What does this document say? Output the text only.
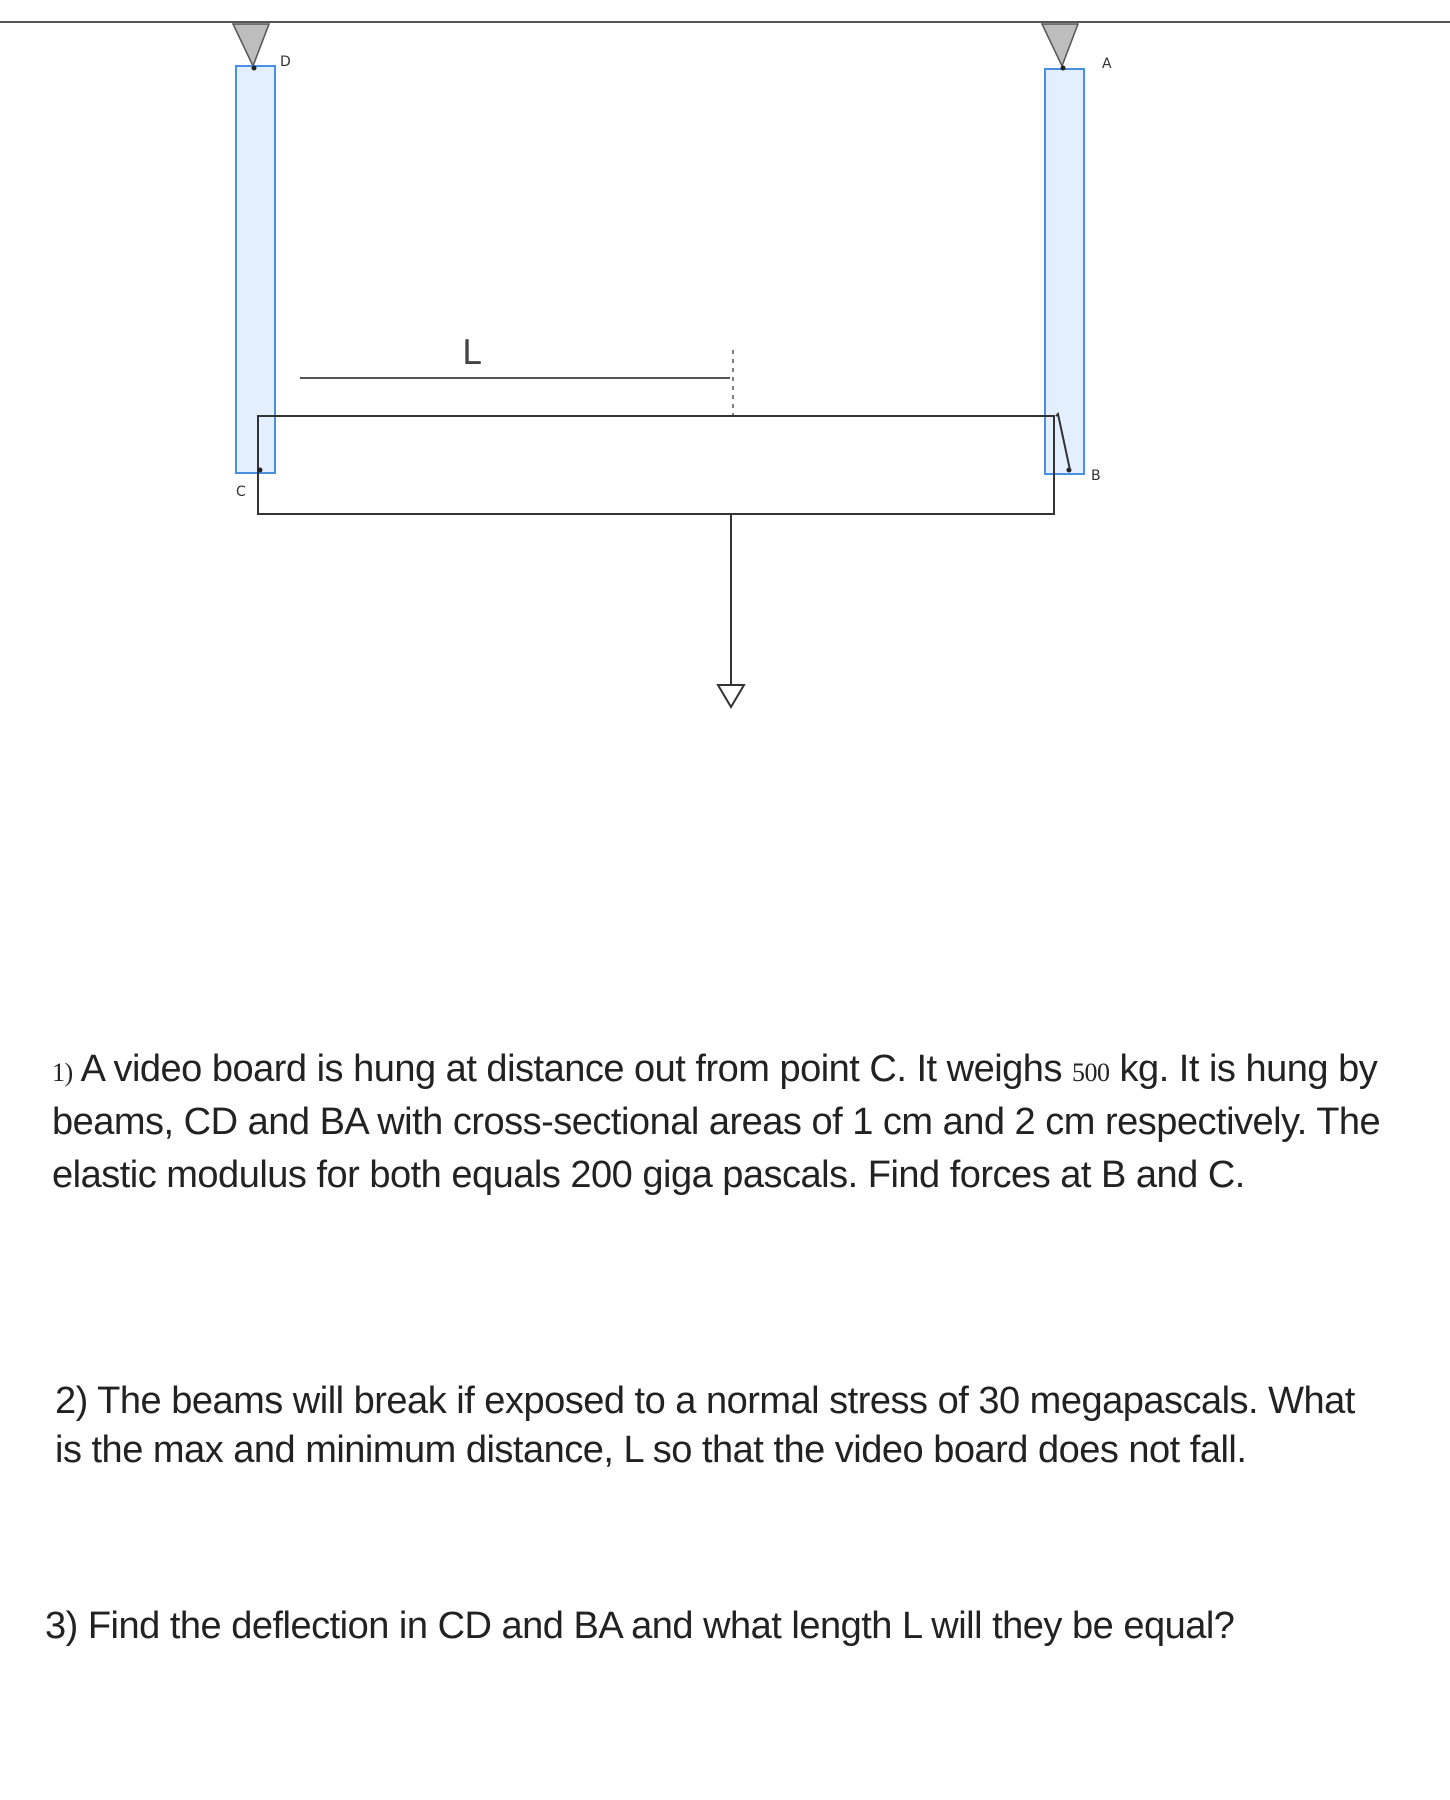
D	A
C
B
L

1) A video board is hung at distance out from point C. It weighs 500 kg. It is hung by beams, CD and BA with cross-sectional areas of 1 cm and 2 cm respectively. The elastic modulus for both equals 200 giga pascals. Find forces at B and C.

2) The beams will break if exposed to a normal stress of 30 megapascals. What is the max and minimum distance, L so that the video board does not fall.

3) Find the deflection in CD and BA and what length L will they be equal?
